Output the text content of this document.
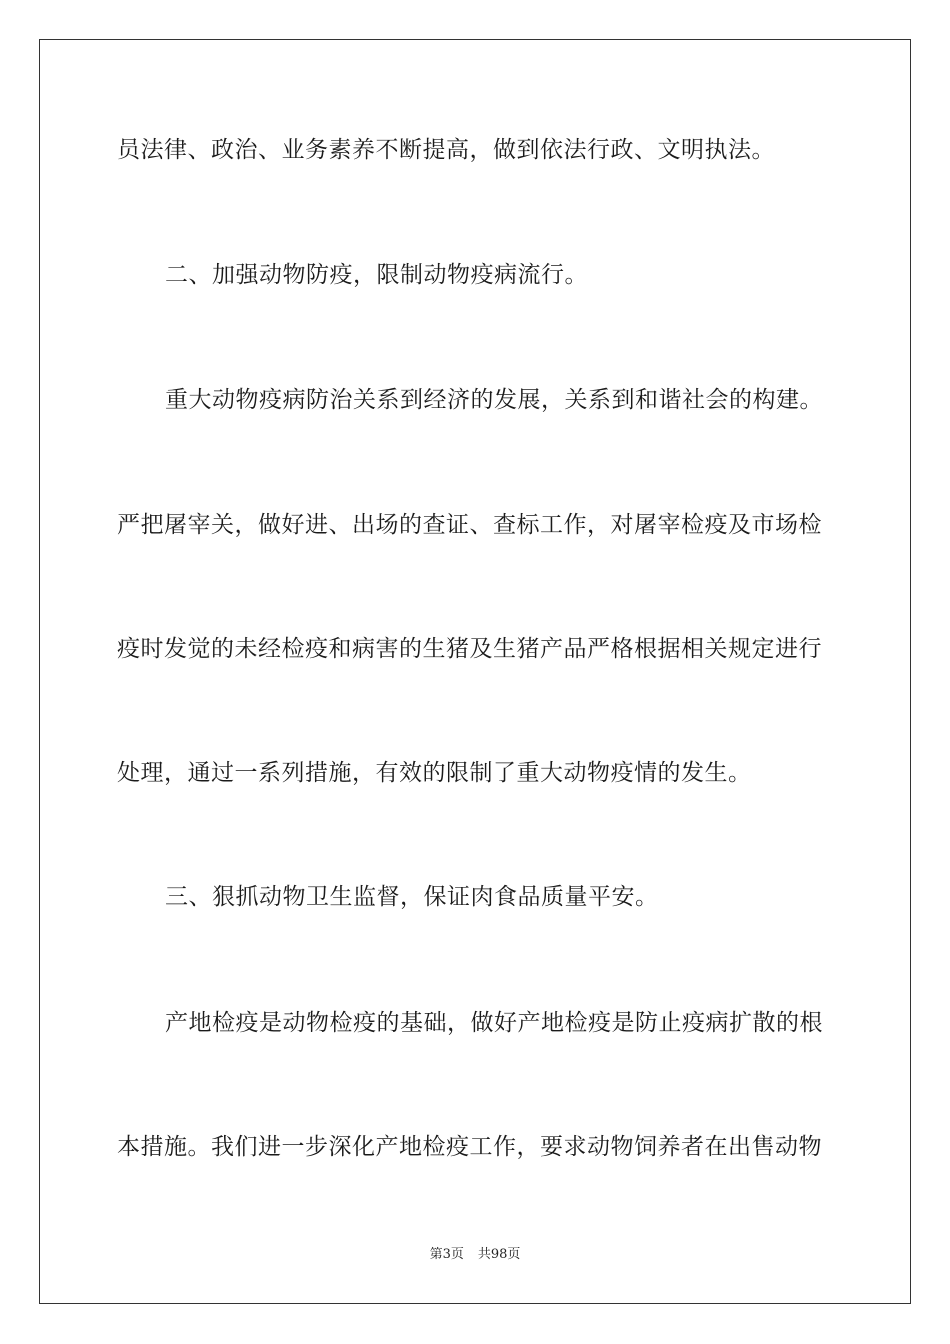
员法律、政治、业务素养不断提高，做到依法行政、文明执法。
二、加强动物防疫，限制动物疫病流行。
重大动物疫病防治关系到经济的发展，关系到和谐社会的构建。
严把屠宰关，做好进、出场的查证、查标工作，对屠宰检疫及市场检
疫时发觉的未经检疫和病害的生猪及生猪产品严格根据相关规定进行
处理，通过一系列措施，有效的限制了重大动物疫情的发生。
三、狠抓动物卫生监督，保证肉食品质量平安。
产地检疫是动物检疫的基础，做好产地检疫是防止疫病扩散的根
本措施。我们进一步深化产地检疫工作，要求动物饲养者在出售动物
第3页 共98页
